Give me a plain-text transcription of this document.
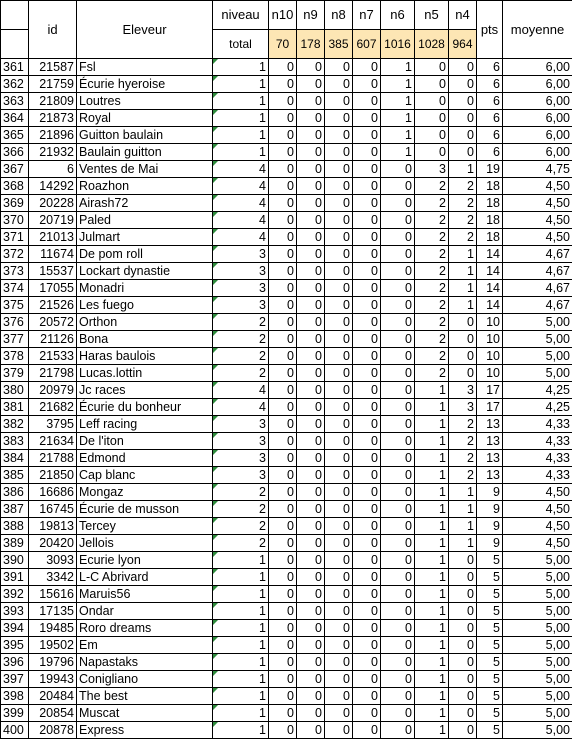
	id	Eleveur	niveau	n10	n9	n8	n7	n6	n5	n4	pts	moyenne
			total	70	178	385	607	1016	1028	964		
361	21587	Fsl	1	0	0	0	0	1	0	0	6	6,00
362	21759	Écurie hyeroise	1	0	0	0	0	1	0	0	6	6,00
363	21809	Loutres	1	0	0	0	0	1	0	0	6	6,00
364	21873	Royal	1	0	0	0	0	1	0	0	6	6,00
365	21896	Guitton baulain	1	0	0	0	0	1	0	0	6	6,00
366	21932	Baulain guitton	1	0	0	0	0	1	0	0	6	6,00
367	6	Ventes de Mai	4	0	0	0	0	0	3	1	19	4,75
368	14292	Roazhon	4	0	0	0	0	0	2	2	18	4,50
369	20228	Airash72	4	0	0	0	0	0	2	2	18	4,50
370	20719	Paled	4	0	0	0	0	0	2	2	18	4,50
371	21013	Julmart	4	0	0	0	0	0	2	2	18	4,50
372	11674	De pom roll	3	0	0	0	0	0	2	1	14	4,67
373	15537	Lockart dynastie	3	0	0	0	0	0	2	1	14	4,67
374	17055	Monadri	3	0	0	0	0	0	2	1	14	4,67
375	21526	Les fuego	3	0	0	0	0	0	2	1	14	4,67
376	20572	Orthon	2	0	0	0	0	0	2	0	10	5,00
377	21126	Bona	2	0	0	0	0	0	2	0	10	5,00
378	21533	Haras baulois	2	0	0	0	0	0	2	0	10	5,00
379	21798	Lucas.lottin	2	0	0	0	0	0	2	0	10	5,00
380	20979	Jc races	4	0	0	0	0	0	1	3	17	4,25
381	21682	Écurie du bonheur	4	0	0	0	0	0	1	3	17	4,25
382	3795	Leff racing	3	0	0	0	0	0	1	2	13	4,33
383	21634	De l'iton	3	0	0	0	0	0	1	2	13	4,33
384	21788	Edmond	3	0	0	0	0	0	1	2	13	4,33
385	21850	Cap blanc	3	0	0	0	0	0	1	2	13	4,33
386	16686	Mongaz	2	0	0	0	0	0	1	1	9	4,50
387	16745	Écurie de musson	2	0	0	0	0	0	1	1	9	4,50
388	19813	Tercey	2	0	0	0	0	0	1	1	9	4,50
389	20420	Jellois	2	0	0	0	0	0	1	1	9	4,50
390	3093	Ecurie lyon	1	0	0	0	0	0	1	0	5	5,00
391	3342	L-C Abrivard	1	0	0	0	0	0	1	0	5	5,00
392	15616	Maruis56	1	0	0	0	0	0	1	0	5	5,00
393	17135	Ondar	1	0	0	0	0	0	1	0	5	5,00
394	19485	Roro dreams	1	0	0	0	0	0	1	0	5	5,00
395	19502	Em	1	0	0	0	0	0	1	0	5	5,00
396	19796	Napastaks	1	0	0	0	0	0	1	0	5	5,00
397	19943	Conigliano	1	0	0	0	0	0	1	0	5	5,00
398	20484	The best	1	0	0	0	0	0	1	0	5	5,00
399	20854	Muscat	1	0	0	0	0	0	1	0	5	5,00
400	20878	Express	1	0	0	0	0	0	1	0	5	5,00
